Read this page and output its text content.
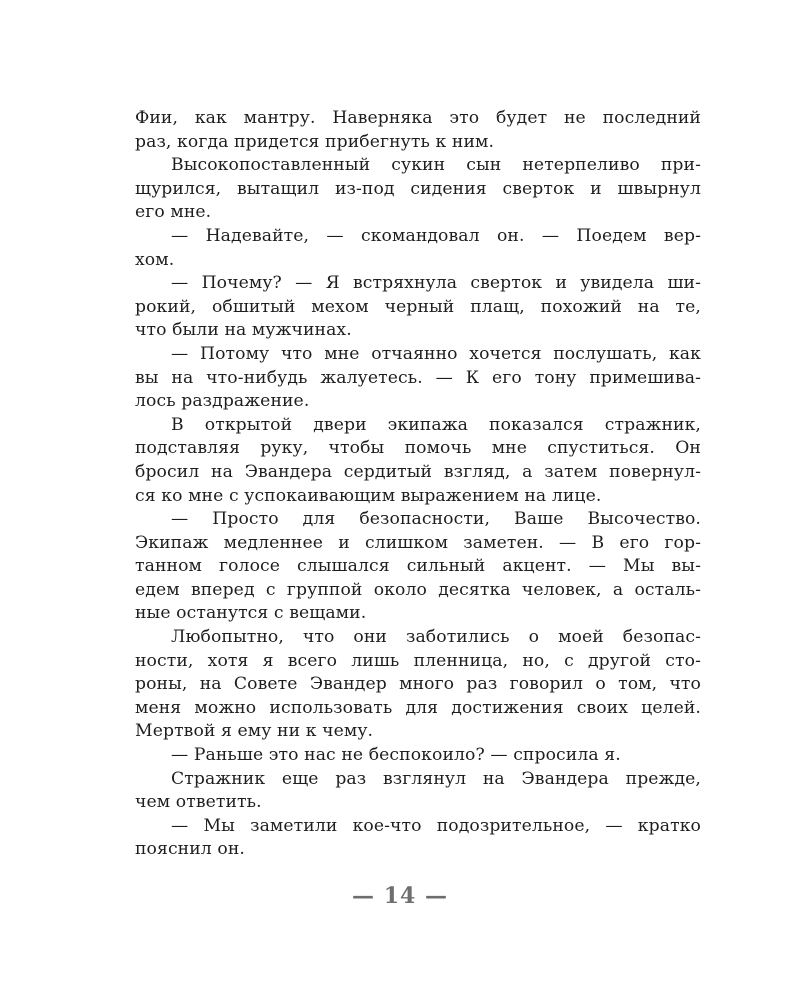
Фии, как мантру. Наверняка это будет не последний
раз, когда придется прибегнуть к ним.
Высокопоставленный сукин сын нетерпеливо при-
щурился, вытащил из-под сидения сверток и швырнул
его мне.
— Надевайте, — скомандовал он. — Поедем вер-
хом.
— Почему? — Я встряхнула сверток и увидела ши-
рокий, обшитый мехом черный плащ, похожий на те,
что были на мужчинах.
— Потому что мне отчаянно хочется послушать, как
вы на что-нибудь жалуетесь. — К его тону примешива-
лось раздражение.
В открытой двери экипажа показался стражник,
подставляя руку, чтобы помочь мне спуститься. Он
бросил на Эвандера сердитый взгляд, а затем повернул-
ся ко мне с успокаивающим выражением на лице.
— Просто для безопасности, Ваше Высочество.
Экипаж медленнее и слишком заметен. — В его гор-
танном голосе слышался сильный акцент. — Мы вы-
едем вперед с группой около десятка человек, а осталь-
ные останутся с вещами.
Любопытно, что они заботились о моей безопас-
ности, хотя я всего лишь пленница, но, с другой сто-
роны, на Совете Эвандер много раз говорил о том, что
меня можно использовать для достижения своих целей.
Мертвой я ему ни к чему.
— Раньше это нас не беспокоило? — спросила я.
Стражник еще раз взглянул на Эвандера прежде,
чем ответить.
— Мы заметили кое-что подозрительное, — кратко
пояснил он.
— 14 —
